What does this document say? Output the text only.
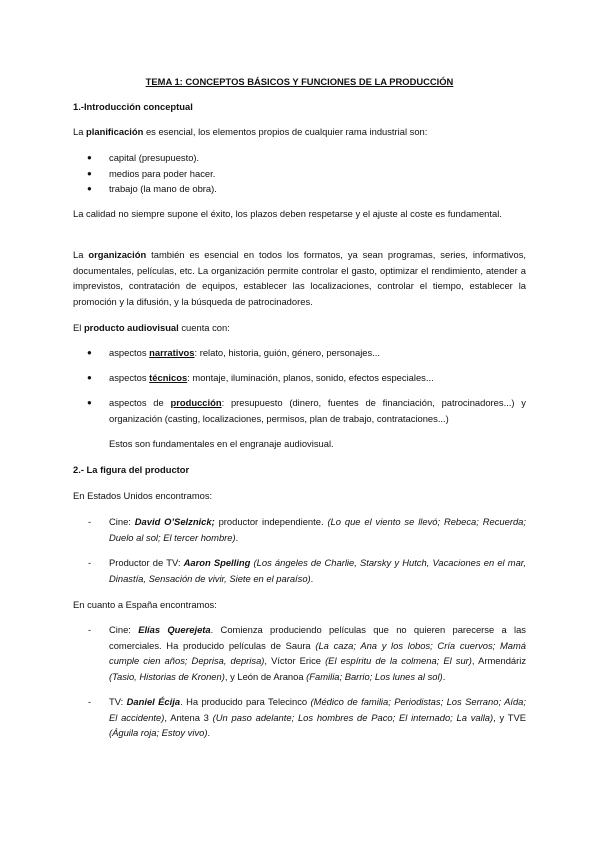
TEMA 1: CONCEPTOS BÁSICOS Y FUNCIONES DE LA PRODUCCIÓN

1.-Introducción conceptual

La planificación es esencial, los elementos propios de cualquier rama industrial son:

● capital (presupuesto).
● medios para poder hacer.
● trabajo (la mano de obra).

La calidad no siempre supone el éxito, los plazos deben respetarse y el ajuste al coste es fundamental.

La organización también es esencial en todos los formatos, ya sean programas, series, informativos, documentales, películas, etc. La organización permite controlar el gasto, optimizar el rendimiento, atender a imprevistos, contratación de equipos, establecer las localizaciones, controlar el tiempo, establecer la promoción y la difusión, y la búsqueda de patrocinadores.

El producto audiovisual cuenta con:

● aspectos narrativos: relato, historia, guión, género, personajes...
● aspectos técnicos: montaje, iluminación, planos, sonido, efectos especiales...
● aspectos de producción: presupuesto (dinero, fuentes de financiación, patrocinadores...) y organización (casting, localizaciones, permisos, plan de trabajo, contrataciones...)

Estos son fundamentales en el engranaje audiovisual.

2.- La figura del productor

En Estados Unidos encontramos:

- Cine: David O’Selznick; productor independiente. (Lo que el viento se llevó; Rebeca; Recuerda; Duelo al sol; El tercer hombre).
- Productor de TV: Aaron Spelling (Los ángeles de Charlie, Starsky y Hutch, Vacaciones en el mar, Dinastía, Sensación de vivir, Siete en el paraíso).

En cuanto a España encontramos:

- Cine: Elías Querejeta. Comienza produciendo películas que no quieren parecerse a las comerciales. Ha producido películas de Saura (La caza; Ana y los lobos; Cría cuervos; Mamá cumple cien años; Deprisa, deprisa), Víctor Erice (El espíritu de la colmena; El sur), Armendáriz (Tasio, Historias de Kronen), y León de Aranoa (Familia; Barrio; Los lunes al sol).
- TV: Daniel Écija. Ha producido para Telecinco (Médico de familia; Periodistas; Los Serrano; Aída; El accidente), Antena 3 (Un paso adelante; Los hombres de Paco; El internado; La valla), y TVE (Águila roja; Estoy vivo).
